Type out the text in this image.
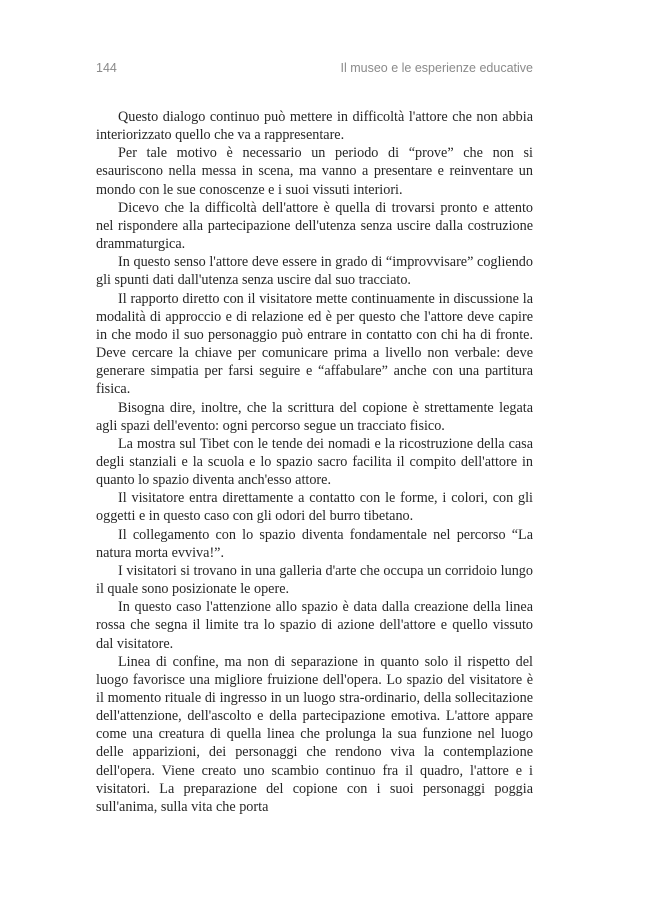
144	Il museo e le esperienze educative

Questo dialogo continuo può mettere in difficoltà l'attore che non abbia interiorizzato quello che va a rappresentare.

Per tale motivo è necessario un periodo di “prove” che non si esauriscono nella messa in scena, ma vanno a presentare e reinventare un mondo con le sue conoscenze e i suoi vissuti interiori.

Dicevo che la difficoltà dell'attore è quella di trovarsi pronto e attento nel rispondere alla partecipazione dell'utenza senza uscire dalla costruzione drammaturgica.

In questo senso l'attore deve essere in grado di “improvvisare” cogliendo gli spunti dati dall'utenza senza uscire dal suo tracciato.

Il rapporto diretto con il visitatore mette continuamente in discussione la modalità di approccio e di relazione ed è per questo che l'attore deve capire in che modo il suo personaggio può entrare in contatto con chi ha di fronte. Deve cercare la chiave per comunicare prima a livello non verbale: deve generare simpatia per farsi seguire e “affabulare” anche con una partitura fisica.

Bisogna dire, inoltre, che la scrittura del copione è strettamente legata agli spazi dell'evento: ogni percorso segue un tracciato fisico.

La mostra sul Tibet con le tende dei nomadi e la ricostruzione della casa degli stanziali e la scuola e lo spazio sacro facilita il compito dell'attore in quanto lo spazio diventa anch'esso attore.

Il visitatore entra direttamente a contatto con le forme, i colori, con gli oggetti e in questo caso con gli odori del burro tibetano.

Il collegamento con lo spazio diventa fondamentale nel percorso “La natura morta evviva!”.

I visitatori si trovano in una galleria d'arte che occupa un corridoio lungo il quale sono posizionate le opere.

In questo caso l'attenzione allo spazio è data dalla creazione della linea rossa che segna il limite tra lo spazio di azione dell'attore e quello vissuto dal visitatore.

Linea di confine, ma non di separazione in quanto solo il rispetto del luogo favorisce una migliore fruizione dell'opera. Lo spazio del visitatore è il momento rituale di ingresso in un luogo stra-ordinario, della sollecitazione dell'attenzione, dell'ascolto e della partecipazione emotiva. L'attore appare come una creatura di quella linea che prolunga la sua funzione nel luogo delle apparizioni, dei personaggi che rendono viva la contemplazione dell'opera. Viene creato uno scambio continuo fra il quadro, l'attore e i visitatori. La preparazione del copione con i suoi personaggi poggia sull'anima, sulla vita che porta
